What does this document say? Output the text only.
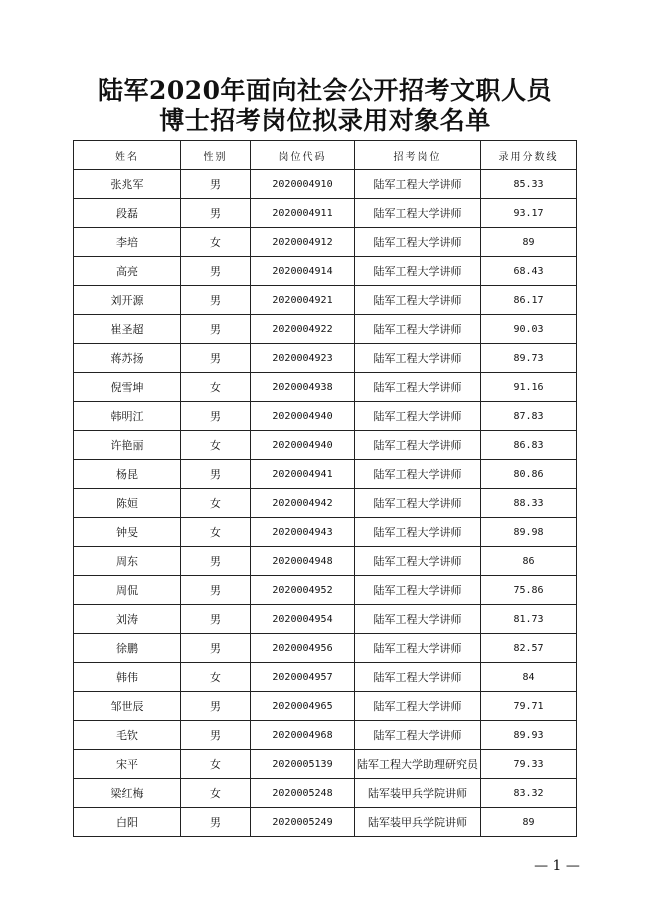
陆军2020年面向社会公开招考文职人员
博士招考岗位拟录用对象名单
姓名	性别	岗位代码	招考岗位	录用分数线
张兆军	男	2020004910	陆军工程大学讲师	85.33
段磊	男	2020004911	陆军工程大学讲师	93.17
李培	女	2020004912	陆军工程大学讲师	89
高亮	男	2020004914	陆军工程大学讲师	68.43
刘开源	男	2020004921	陆军工程大学讲师	86.17
崔圣超	男	2020004922	陆军工程大学讲师	90.03
蒋苏扬	男	2020004923	陆军工程大学讲师	89.73
倪雪坤	女	2020004938	陆军工程大学讲师	91.16
韩明江	男	2020004940	陆军工程大学讲师	87.83
许艳丽	女	2020004940	陆军工程大学讲师	86.83
杨昆	男	2020004941	陆军工程大学讲师	80.86
陈姮	女	2020004942	陆军工程大学讲师	88.33
钟旻	女	2020004943	陆军工程大学讲师	89.98
周东	男	2020004948	陆军工程大学讲师	86
周侃	男	2020004952	陆军工程大学讲师	75.86
刘涛	男	2020004954	陆军工程大学讲师	81.73
徐鹏	男	2020004956	陆军工程大学讲师	82.57
韩伟	女	2020004957	陆军工程大学讲师	84
邹世辰	男	2020004965	陆军工程大学讲师	79.71
毛钦	男	2020004968	陆军工程大学讲师	89.93
宋平	女	2020005139	陆军工程大学助理研究员	79.33
梁红梅	女	2020005248	陆军装甲兵学院讲师	83.32
白阳	男	2020005249	陆军装甲兵学院讲师	89
— 1 —
